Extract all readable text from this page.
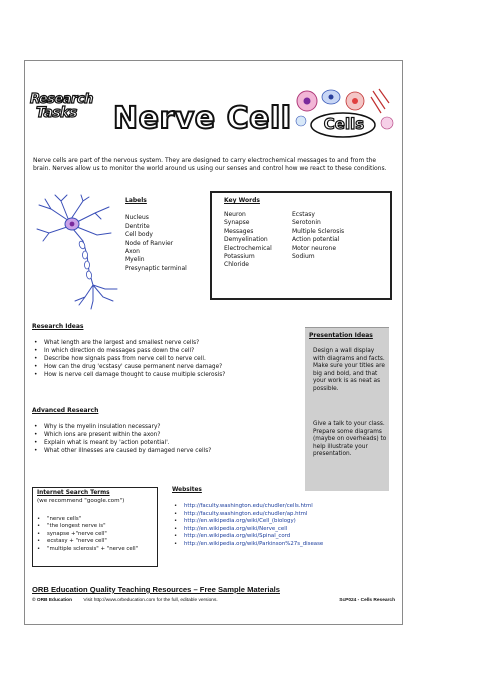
Research
Tasks	Nerve Cell	Cells
Nerve cells are part of the nervous system. They are designed to carry electrochemical messages to and from the brain. Nerves allow us to monitor the world around us using our senses and control how we react to these conditions.
Labels
Nucleus
Dentrite
Cell body
Node of Ranvier
Axon
Myelin
Presynaptic terminal
Key Words
Neuron
Synapse
Messages
Demyelination
Electrochemical
Potassium
Chloride
Ecstasy
Serotonin
Multiple Sclerosis
Action potential
Motor neurone
Sodium
Research Ideas
• What length are the largest and smallest nerve cells?
• In which direction do messages pass down the cell?
• Describe how signals pass from nerve cell to nerve cell.
• How can the drug 'ecstasy' cause permanent nerve damage?
• How is nerve cell damage thought to cause multiple sclerosis?
Advanced Research
• Why is the myelin insulation necessary?
• Which ions are present within the axon?
• Explain what is meant by 'action potential'.
• What other illnesses are caused by damaged nerve cells?
Presentation Ideas
Design a wall display with diagrams and facts. Make sure your titles are big and bold, and that your work is as neat as possible.
Give a talk to your class. Prepare some diagrams (maybe on overheads) to help illustrate your presentation.
Internet Search Terms
(we recommend "google.com")
• "nerve cells"
• "the longest nerve is"
• synapse +"nerve cell"
• ecstasy + "nerve cell"
• "multiple sclerosis" + "nerve cell"
Websites
• http://faculty.washington.edu/chudler/cells.html
• http://faculty.washington.edu/chudler/ap.html
• http://en.wikipedia.org/wiki/Cell_(biology)
• http://en.wikipedia.org/wiki/Nerve_cell
• http://en.wikipedia.org/wiki/Spinal_cord
• http://en.wikipedia.org/wiki/Parkinson%27s_disease
ORB Education Quality Teaching Resources – Free Sample Materials
© ORB Education Visit http://www.orbeducation.com for the full, editable versions.	ScP024 - Cells Research
